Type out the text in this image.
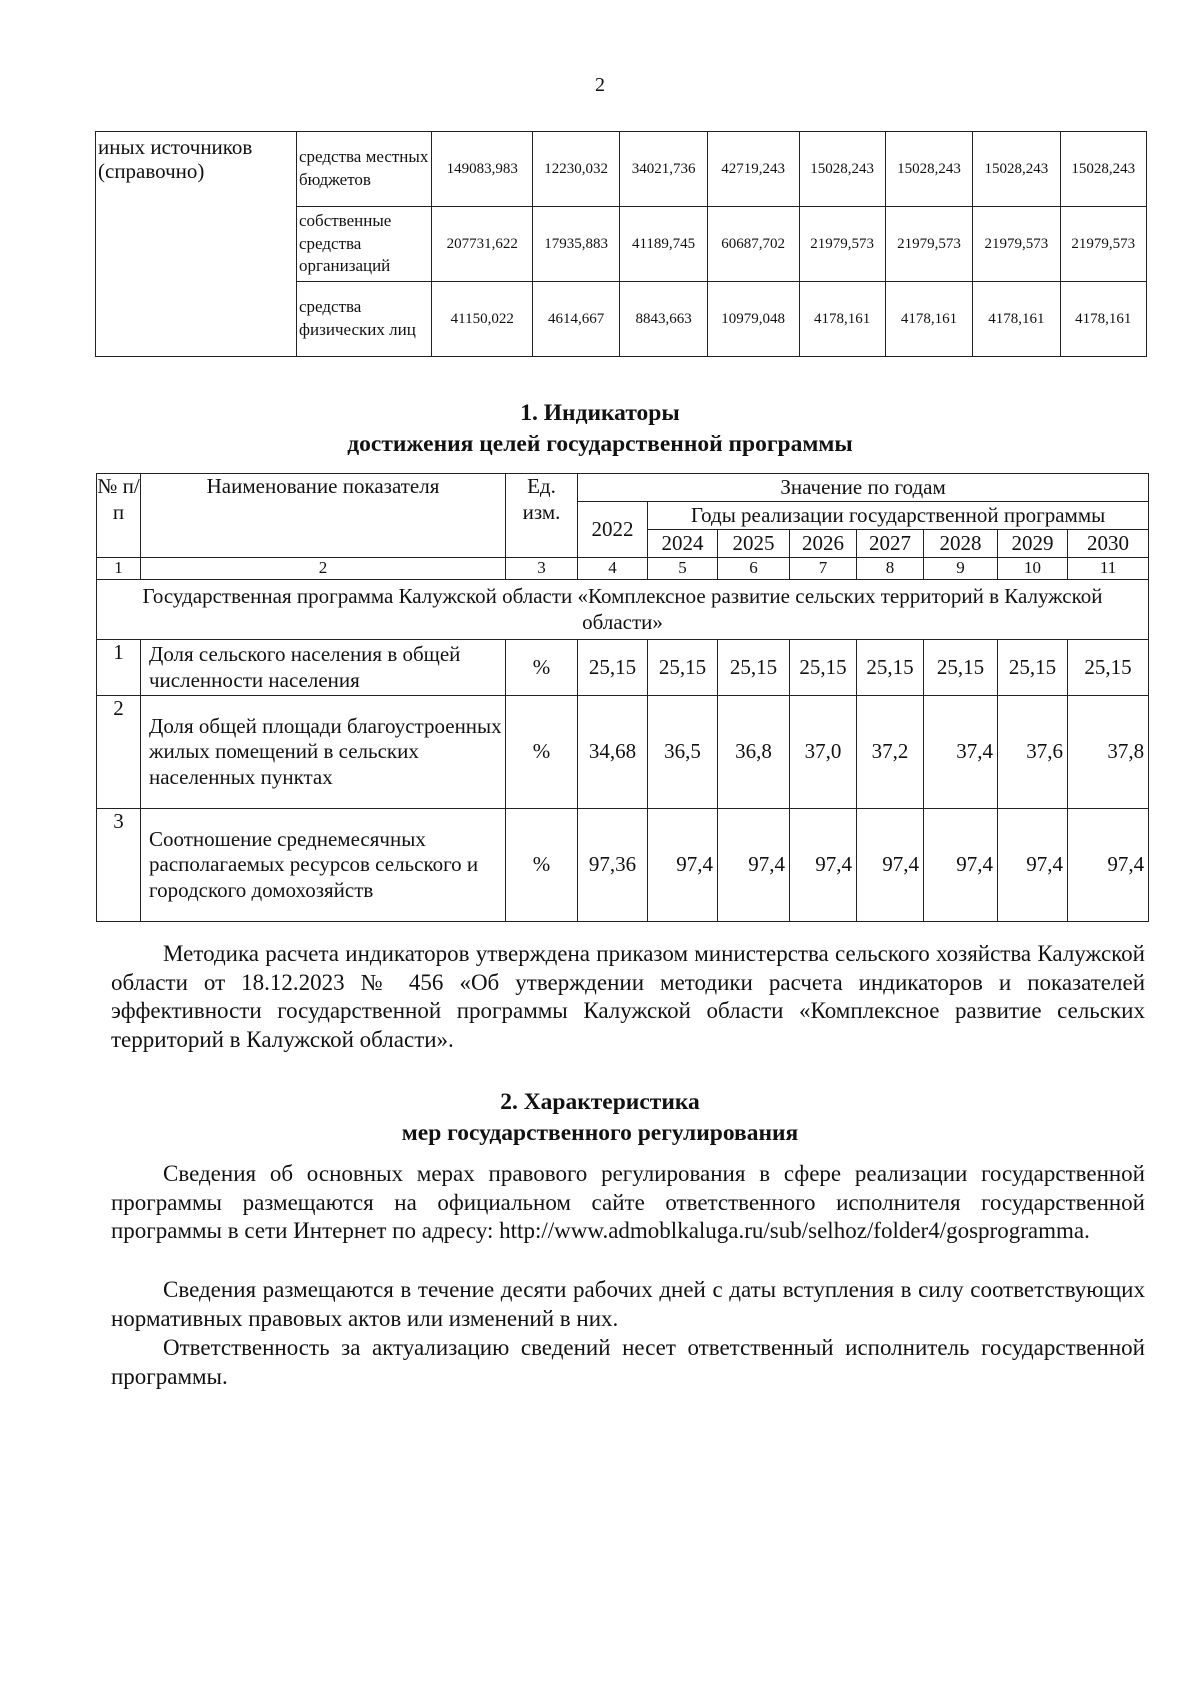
2
иных источников (справочно)	средства местных бюджетов	149083,983	12230,032	34021,736	42719,243	15028,243	15028,243	15028,243	15028,243
	собственные средства организаций	207731,622	17935,883	41189,745	60687,702	21979,573	21979,573	21979,573	21979,573
	средства физических лиц	41150,022	4614,667	8843,663	10979,048	4178,161	4178,161	4178,161	4178,161
1. Индикаторы
достижения целей государственной программы
№ п/п	Наименование показателя	Ед. изм.	Значение по годам							
			2022	Годы реализации государственной программы						
				2024	2025	2026	2027	2028	2029	2030
1	2	3	4	5	6	7	8	9	10	11
Государственная программа Калужской области «Комплексное развитие сельских территорий в Калужской области»										
1	Доля сельского населения в общей численности населения	%	25,15	25,15	25,15	25,15	25,15	25,15	25,15	25,15
2	Доля общей площади благоустроенных жилых помещений в сельских населенных пунктах	%	34,68	36,5	36,8	37,0	37,2	37,4	37,6	37,8
3	Соотношение среднемесячных располагаемых ресурсов сельского и городского домохозяйств	%	97,36	97,4	97,4	97,4	97,4	97,4	97,4	97,4

Методика расчета индикаторов утверждена приказом министерства сельского хозяйства Калужской области от 18.12.2023 № 456 «Об утверждении методики расчета индикаторов и показателей эффективности государственной программы Калужской области «Комплексное развитие сельских территорий в Калужской области».

2. Характеристика
мер государственного регулирования

Сведения об основных мерах правового регулирования в сфере реализации государственной программы размещаются на официальном сайте ответственного исполнителя государственной программы в сети Интернет по адресу: http://www.admoblkaluga.ru/sub/selhoz/folder4/gosprogramma.

Сведения размещаются в течение десяти рабочих дней с даты вступления в силу соответствующих нормативных правовых актов или изменений в них.

Ответственность за актуализацию сведений несет ответственный исполнитель государственной программы.
